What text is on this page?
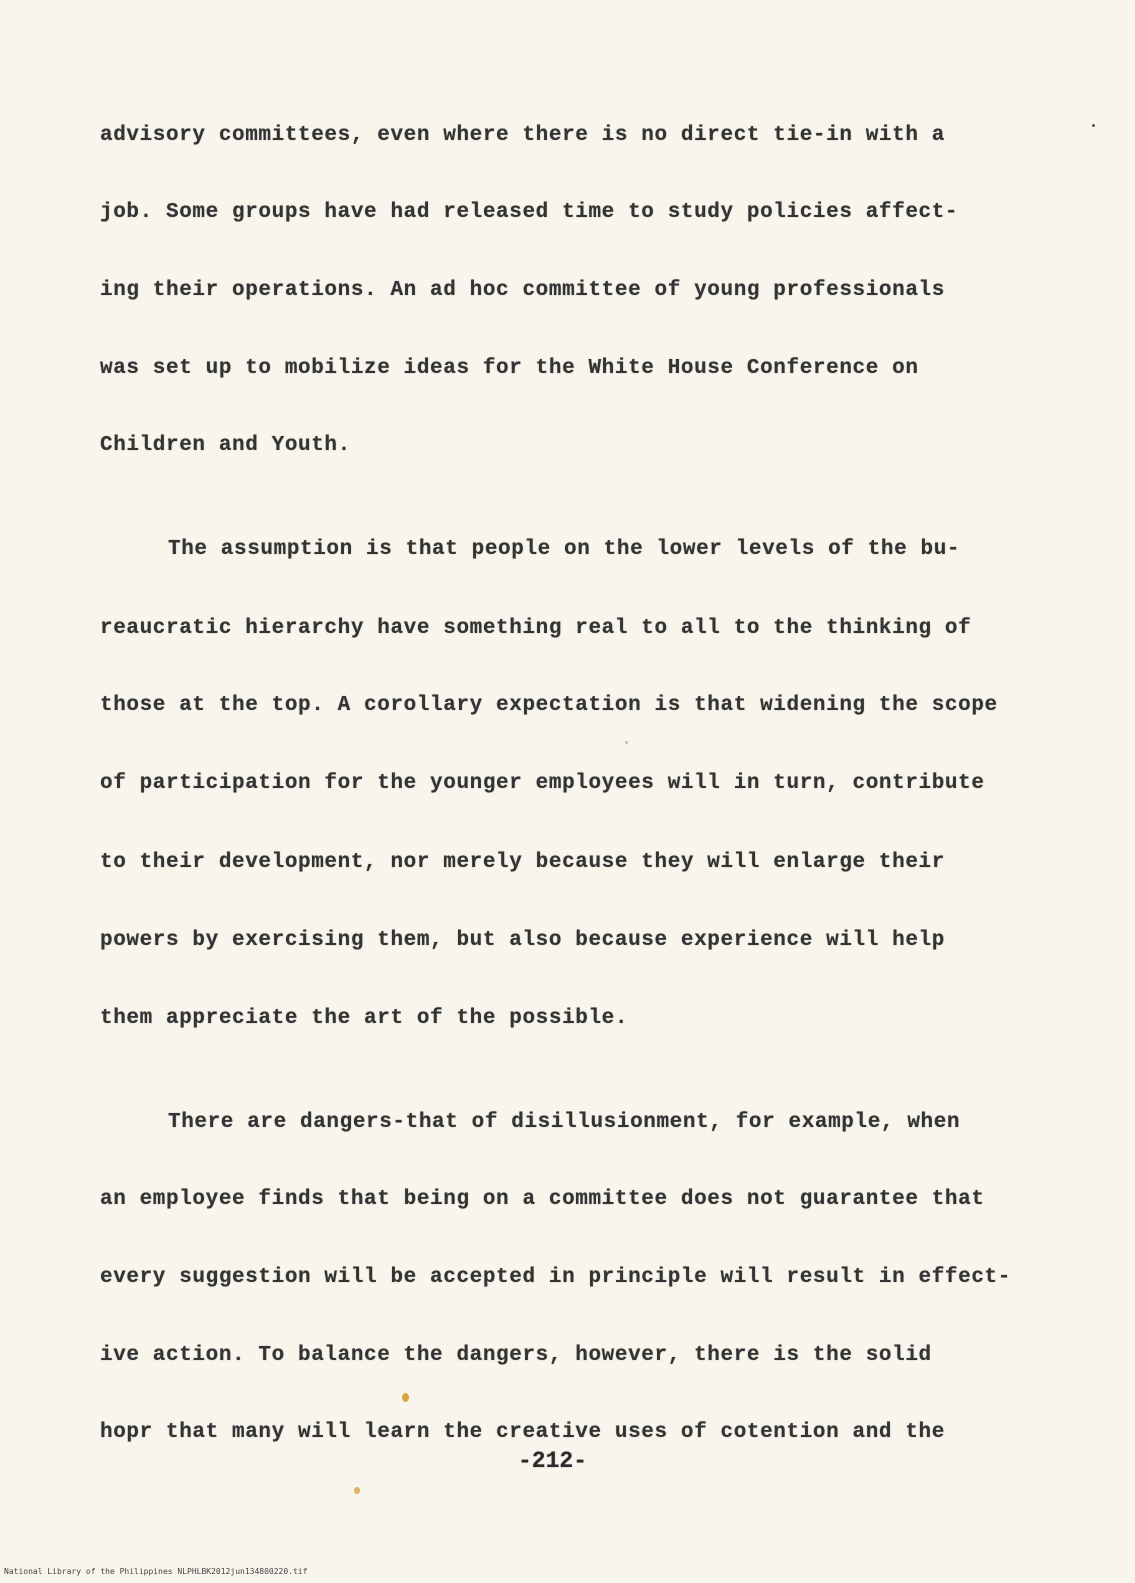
advisory committees, even where there is no direct tie-in with a
job. Some groups have had released time to study policies affect-
ing their operations. An ad hoc committee of young professionals
was set up to mobilize ideas for the White House Conference on
Children and Youth.
The assumption is that people on the lower levels of the bu-
reaucratic hierarchy have something real to all to the thinking of
those at the top. A corollary expectation is that widening the scope
of participation for the younger employees will in turn, contribute
to their development, nor merely because they will enlarge their
powers by exercising them, but also because experience will help
them appreciate the art of the possible.
There are dangers-that of disillusionment, for example, when
an employee finds that being on a committee does not guarantee that
every suggestion will be accepted in principle will result in effect-
ive action. To balance the dangers, however, there is the solid
hopr that many will learn the creative uses of cotention and the
-212-
National Library of the Philippines NLPHLBK2012jun134800220.tif
